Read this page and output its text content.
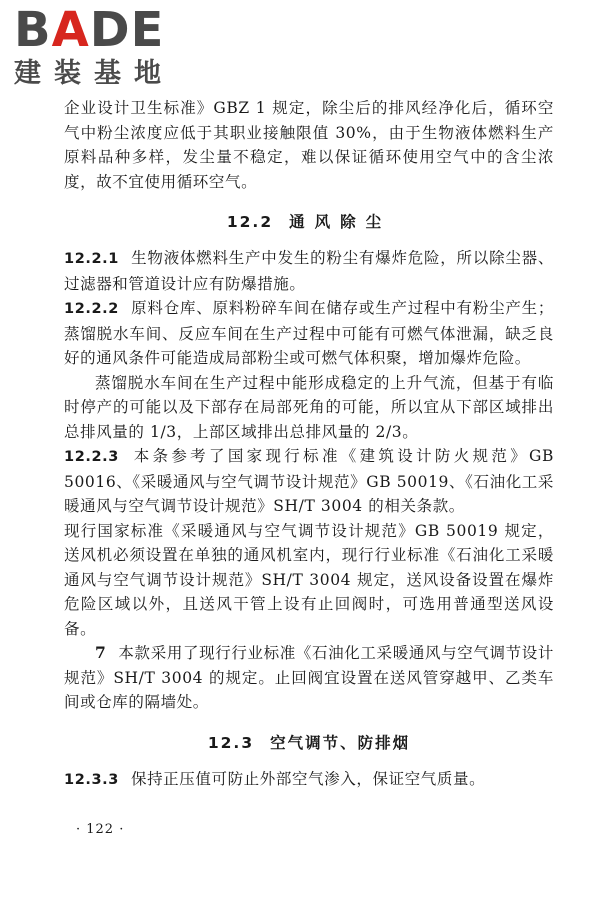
BADE
建装基地

企业设计卫生标准》GBZ 1 规定，除尘后的排风经净化后，循环空气中粉尘浓度应低于其职业接触限值 30%，由于生物液体燃料生产原料品种多样，发尘量不稳定，难以保证循环使用空气中的含尘浓度，故不宜使用循环空气。

12.2 通风除尘

12.2.1 生物液体燃料生产中发生的粉尘有爆炸危险，所以除尘器、过滤器和管道设计应有防爆措施。

12.2.2 原料仓库、原料粉碎车间在储存或生产过程中有粉尘产生；蒸馏脱水车间、反应车间在生产过程中可能有可燃气体泄漏，缺乏良好的通风条件可能造成局部粉尘或可燃气体积聚，增加爆炸危险。

蒸馏脱水车间在生产过程中能形成稳定的上升气流，但基于有临时停产的可能以及下部存在局部死角的可能，所以宜从下部区域排出总排风量的 1/3，上部区域排出总排风量的 2/3。

12.2.3 本条参考了国家现行标准《建筑设计防火规范》GB 50016、《采暖通风与空气调节设计规范》GB 50019、《石油化工采暖通风与空气调节设计规范》SH/T 3004 的相关条款。

现行国家标准《采暖通风与空气调节设计规范》GB 50019 规定，送风机必须设置在单独的通风机室内，现行行业标准《石油化工采暖通风与空气调节设计规范》SH/T 3004 规定，送风设备设置在爆炸危险区域以外，且送风干管上设有止回阀时，可选用普通型送风设备。

7 本款采用了现行行业标准《石油化工采暖通风与空气调节设计规范》SH/T 3004 的规定。止回阀宜设置在送风管穿越甲、乙类车间或仓库的隔墙处。

12.3 空气调节、防排烟

12.3.3 保持正压值可防止外部空气渗入，保证空气质量。

· 122 ·
